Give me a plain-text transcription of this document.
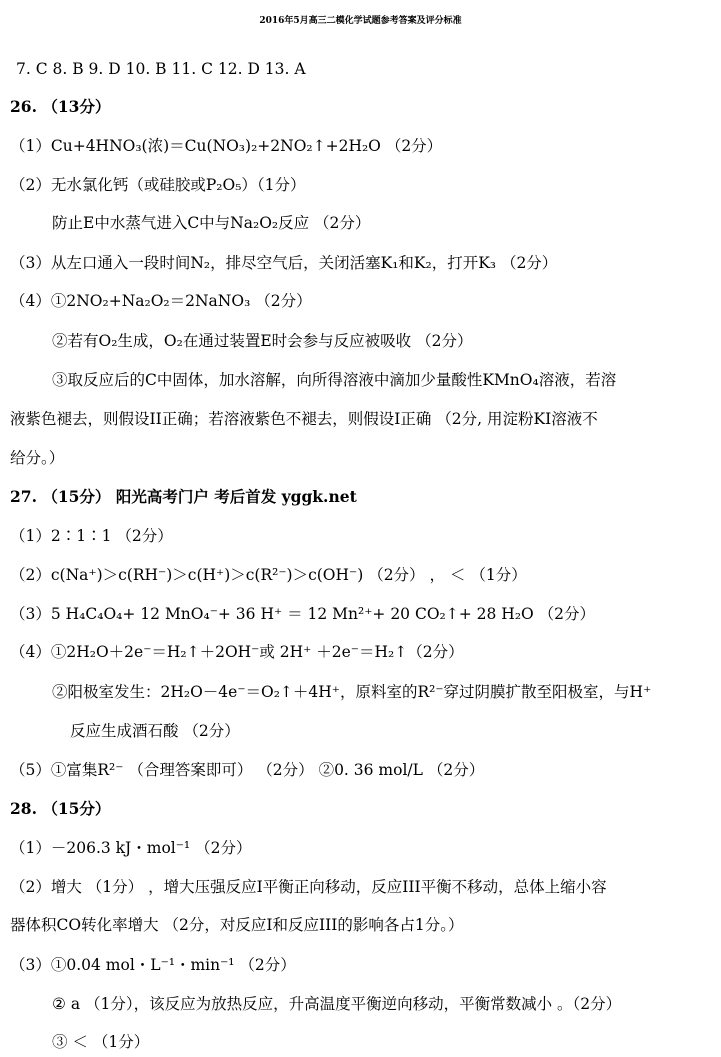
2016年5月高三二模化学试题参考答案及评分标准
7. C 8. B 9. D 10. B 11. C 12. D 13. A
26. （13分）
（1）Cu+4HNO₃(浓)＝Cu(NO₃)₂+2NO₂↑+2H₂O （2分）
（2）无水氯化钙（或硅胶或P₂O₅）（1分）
防止E中水蒸气进入C中与Na₂O₂反应 （2分）
（3）从左口通入一段时间N₂，排尽空气后，关闭活塞K₁和K₂，打开K₃ （2分）
（4）①2NO₂+Na₂O₂＝2NaNO₃ （2分）
②若有O₂生成，O₂在通过装置E时会参与反应被吸收 （2分）
③取反应后的C中固体，加水溶解，向所得溶液中滴加少量酸性KMnO₄溶液，若溶
液紫色褪去，则假设II正确；若溶液紫色不褪去，则假设I正确 （2分, 用淀粉KI溶液不
给分。）
27. （15分） 阳光高考门户 考后首发 yggk.net
（1）2∶1∶1 （2分）
（2）c(Na⁺)＞c(RH⁻)＞c(H⁺)＞c(R²⁻)＞c(OH⁻) （2分） ， ＜ （1分）
（3）5 H₄C₄O₄+ 12 MnO₄⁻+ 36 H⁺ ＝ 12 Mn²⁺+ 20 CO₂↑+ 28 H₂O （2分）
（4）①2H₂O＋2e⁻＝H₂↑＋2OH⁻或 2H⁺ ＋2e⁻＝H₂↑（2分）
②阳极室发生：2H₂O－4e⁻＝O₂↑＋4H⁺，原料室的R²⁻穿过阴膜扩散至阳极室，与H⁺
反应生成酒石酸 （2分）
（5）①富集R²⁻ （合理答案即可） （2分） ②0. 36 mol/L （2分）
28. （15分）
（1）－206.3 kJ・mol⁻¹ （2分）
（2）增大 （1分） ，增大压强反应I平衡正向移动，反应III平衡不移动，总体上缩小容
器体积CO转化率增大 （2分，对反应I和反应III的影响各占1分。）
（3）①0.04 mol・L⁻¹・min⁻¹ （2分）
② a （1分），该反应为放热反应，升高温度平衡逆向移动，平衡常数减小 。（2分）
③ ＜ （1分）
